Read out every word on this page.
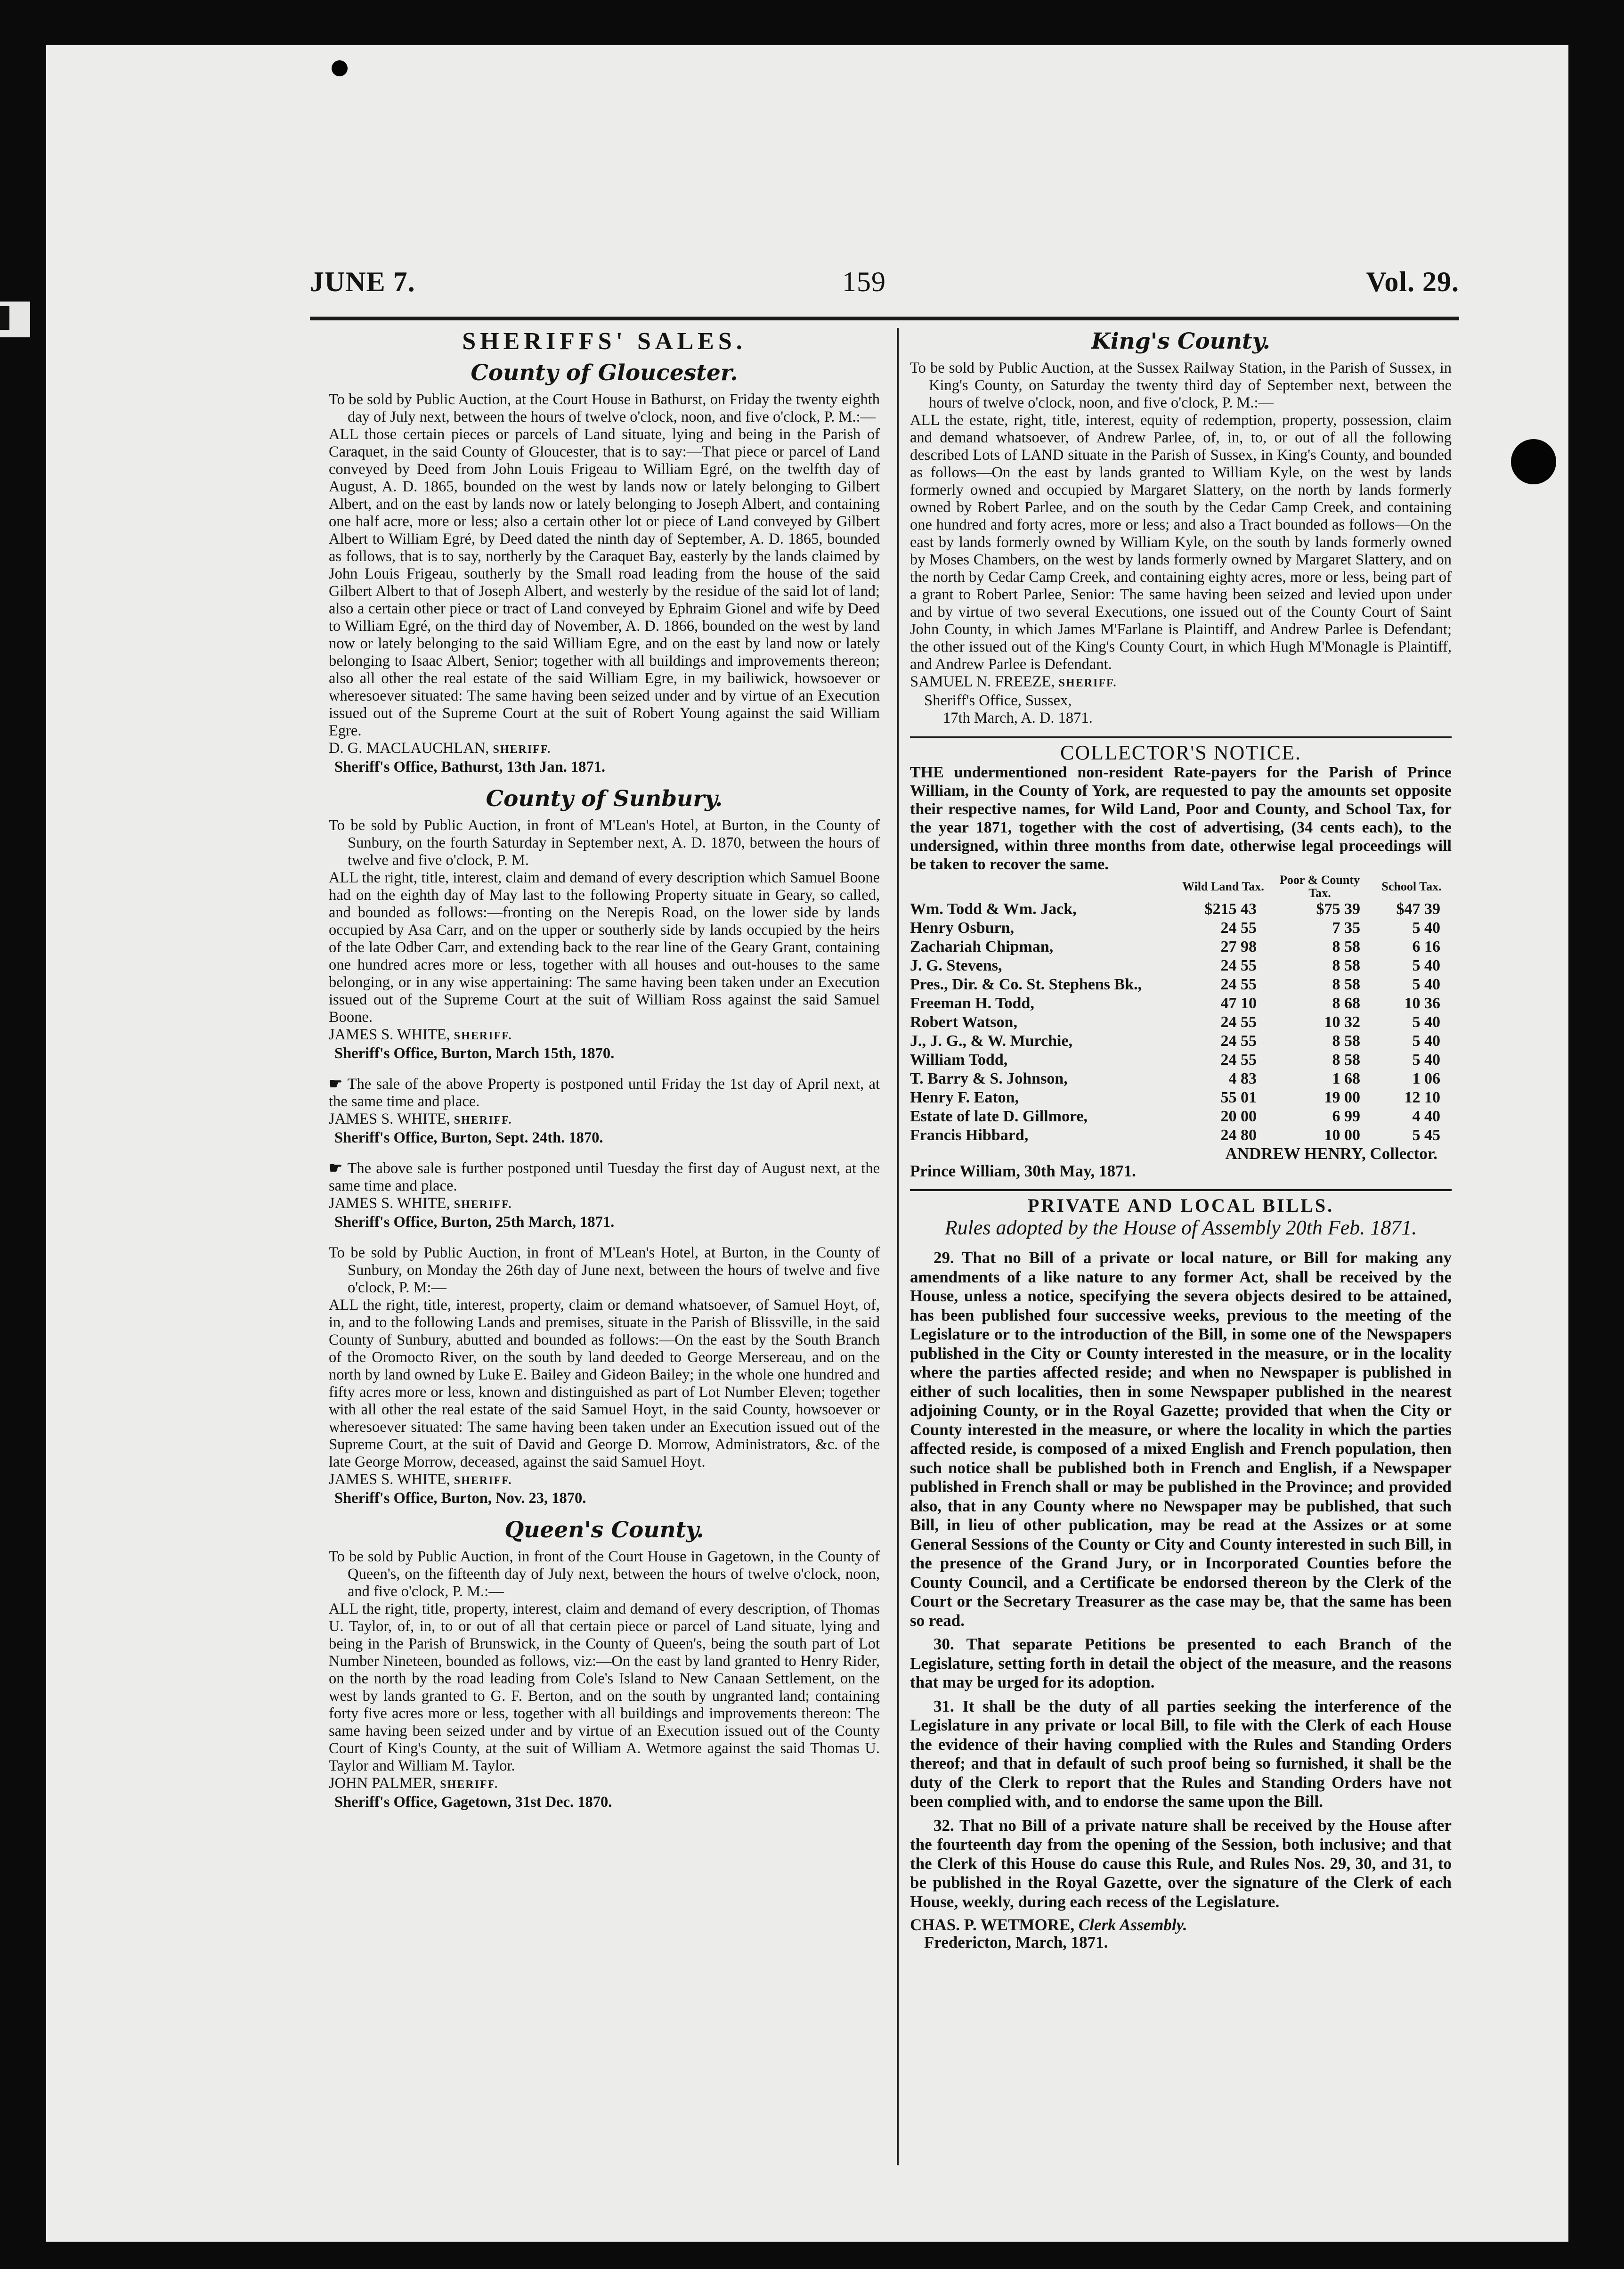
JUNE 7.	159	Vol. 29.
SHERIFFS' SALES.
County of Gloucester.

To be sold by Public Auction, at the Court House in Bathurst, on Friday the twenty eighth day of July next, between the hours of twelve o'clock, noon, and five o'clock, P. M.:—

ALL those certain pieces or parcels of Land situate, lying and being in the Parish of Caraquet, in the said County of Gloucester, that is to say:—That piece or parcel of Land conveyed by Deed from John Louis Frigeau to William Egré, on the twelfth day of August, A. D. 1865, bounded on the west by lands now or lately belonging to Gilbert Albert, and on the east by lands now or lately belonging to Joseph Albert, and containing one half acre, more or less; also a certain other lot or piece of Land conveyed by Gilbert Albert to William Egré, by Deed dated the ninth day of September, A. D. 1865, bounded as follows, that is to say, northerly by the Caraquet Bay, easterly by the lands claimed by John Louis Frigeau, southerly by the Small road leading from the house of the said Gilbert Albert to that of Joseph Albert, and westerly by the residue of the said lot of land; also a certain other piece or tract of Land conveyed by Ephraim Gionel and wife by Deed to William Egré, on the third day of November, A. D. 1866, bounded on the west by land now or lately belonging to the said William Egre, and on the east by land now or lately belonging to Isaac Albert, Senior; together with all buildings and improvements thereon; also all other the real estate of the said William Egre, in my bailiwick, howsoever or wheresoever situated: The same having been seized under and by virtue of an Execution issued out of the Supreme Court at the suit of Robert Young against the said William Egre.

D. G. MACLAUCHLAN, SHERIFF.

Sheriff's Office, Bathurst, 13th Jan. 1871.

County of Sunbury.

To be sold by Public Auction, in front of M'Lean's Hotel, at Burton, in the County of Sunbury, on the fourth Saturday in September next, A. D. 1870, between the hours of twelve and five o'clock, P. M.

ALL the right, title, interest, claim and demand of every description which Samuel Boone had on the eighth day of May last to the following Property situate in Geary, so called, and bounded as follows:—fronting on the Nerepis Road, on the lower side by lands occupied by Asa Carr, and on the upper or southerly side by lands occupied by the heirs of the late Odber Carr, and extending back to the rear line of the Geary Grant, containing one hundred acres more or less, together with all houses and out-houses to the same belonging, or in any wise appertaining: The same having been taken under an Execution issued out of the Supreme Court at the suit of William Ross against the said Samuel Boone.

JAMES S. WHITE, SHERIFF.

Sheriff's Office, Burton, March 15th, 1870.

☛ The sale of the above Property is postponed until Friday the 1st day of April next, at the same time and place.

JAMES S. WHITE, SHERIFF.

Sheriff's Office, Burton, Sept. 24th. 1870.

☛ The above sale is further postponed until Tuesday the first day of August next, at the same time and place.

JAMES S. WHITE, SHERIFF.

Sheriff's Office, Burton, 25th March, 1871.

To be sold by Public Auction, in front of M'Lean's Hotel, at Burton, in the County of Sunbury, on Monday the 26th day of June next, between the hours of twelve and five o'clock, P. M:—

ALL the right, title, interest, property, claim or demand whatsoever, of Samuel Hoyt, of, in, and to the following Lands and premises, situate in the Parish of Blissville, in the said County of Sunbury, abutted and bounded as follows:—On the east by the South Branch of the Oromocto River, on the south by land deeded to George Mersereau, and on the north by land owned by Luke E. Bailey and Gideon Bailey; in the whole one hundred and fifty acres more or less, known and distinguished as part of Lot Number Eleven; together with all other the real estate of the said Samuel Hoyt, in the said County, howsoever or wheresoever situated: The same having been taken under an Execution issued out of the Supreme Court, at the suit of David and George D. Morrow, Administrators, &c. of the late George Morrow, deceased, against the said Samuel Hoyt.

JAMES S. WHITE, SHERIFF.

Sheriff's Office, Burton, Nov. 23, 1870.

Queen's County.

To be sold by Public Auction, in front of the Court House in Gagetown, in the County of Queen's, on the fifteenth day of July next, between the hours of twelve o'clock, noon, and five o'clock, P. M.:—

ALL the right, title, property, interest, claim and demand of every description, of Thomas U. Taylor, of, in, to or out of all that certain piece or parcel of Land situate, lying and being in the Parish of Brunswick, in the County of Queen's, being the south part of Lot Number Nineteen, bounded as follows, viz:—On the east by land granted to Henry Rider, on the north by the road leading from Cole's Island to New Canaan Settlement, on the west by lands granted to G. F. Berton, and on the south by ungranted land; containing forty five acres more or less, together with all buildings and improvements thereon: The same having been seized under and by virtue of an Execution issued out of the County Court of King's County, at the suit of William A. Wetmore against the said Thomas U. Taylor and William M. Taylor.

JOHN PALMER, SHERIFF.

Sheriff's Office, Gagetown, 31st Dec. 1870.

King's County.

To be sold by Public Auction, at the Sussex Railway Station, in the Parish of Sussex, in King's County, on Saturday the twenty third day of September next, between the hours of twelve o'clock, noon, and five o'clock, P. M.:—

ALL the estate, right, title, interest, equity of redemption, property, possession, claim and demand whatsoever, of Andrew Parlee, of, in, to, or out of all the following described Lots of LAND situate in the Parish of Sussex, in King's County, and bounded as follows—On the east by lands granted to William Kyle, on the west by lands formerly owned and occupied by Margaret Slattery, on the north by lands formerly owned by Robert Parlee, and on the south by the Cedar Camp Creek, and containing one hundred and forty acres, more or less; and also a Tract bounded as follows—On the east by lands formerly owned by William Kyle, on the south by lands formerly owned by Moses Chambers, on the west by lands formerly owned by Margaret Slattery, and on the north by Cedar Camp Creek, and containing eighty acres, more or less, being part of a grant to Robert Parlee, Senior: The same having been seized and levied upon under and by virtue of two several Executions, one issued out of the County Court of Saint John County, in which James M'Farlane is Plaintiff, and Andrew Parlee is Defendant; the other issued out of the King's County Court, in which Hugh M'Monagle is Plaintiff, and Andrew Parlee is Defendant.

SAMUEL N. FREEZE, SHERIFF.

Sheriff's Office, Sussex,

17th March, A. D. 1871.

COLLECTOR'S NOTICE.

THE undermentioned non-resident Rate-payers for the Parish of Prince William, in the County of York, are requested to pay the amounts set opposite their respective names, for Wild Land, Poor and County, and School Tax, for the year 1871, together with the cost of advertising, (34 cents each), to the undersigned, within three months from date, otherwise legal proceedings will be taken to recover the same.

	Wild Land Tax.	Poor & County Tax.	School Tax.
Wm. Todd & Wm. Jack,	$215 43	$75 39	$47 39
Henry Osburn,	24 55	7 35	5 40
Zachariah Chipman,	27 98	8 58	6 16
J. G. Stevens,	24 55	8 58	5 40
Pres., Dir. & Co. St. Stephens Bk.,	24 55	8 58	5 40
Freeman H. Todd,	47 10	8 68	10 36
Robert Watson,	24 55	10 32	5 40
J., J. G., & W. Murchie,	24 55	8 58	5 40
William Todd,	24 55	8 58	5 40
T. Barry & S. Johnson,	4 83	1 68	1 06
Henry F. Eaton,	55 01	19 00	12 10
Estate of late D. Gillmore,	20 00	6 99	4 40
Francis Hibbard,	24 80	10 00	5 45

ANDREW HENRY, Collector.

Prince William, 30th May, 1871.

PRIVATE AND LOCAL BILLS.
Rules adopted by the House of Assembly 20th Feb. 1871.

29. That no Bill of a private or local nature, or Bill for making any amendments of a like nature to any former Act, shall be received by the House, unless a notice, specifying the severa objects desired to be attained, has been published four successive weeks, previous to the meeting of the Legislature or to the introduction of the Bill, in some one of the Newspapers published in the City or County interested in the measure, or in the locality where the parties affected reside; and when no Newspaper is published in either of such localities, then in some Newspaper published in the nearest adjoining County, or in the Royal Gazette; provided that when the City or County interested in the measure, or where the locality in which the parties affected reside, is composed of a mixed English and French population, then such notice shall be published both in French and English, if a Newspaper published in French shall or may be published in the Province; and provided also, that in any County where no Newspaper may be published, that such Bill, in lieu of other publication, may be read at the Assizes or at some General Sessions of the County or City and County interested in such Bill, in the presence of the Grand Jury, or in Incorporated Counties before the County Council, and a Certificate be endorsed thereon by the Clerk of the Court or the Secretary Treasurer as the case may be, that the same has been so read.

30. That separate Petitions be presented to each Branch of the Legislature, setting forth in detail the object of the measure, and the reasons that may be urged for its adoption.

31. It shall be the duty of all parties seeking the interference of the Legislature in any private or local Bill, to file with the Clerk of each House the evidence of their having complied with the Rules and Standing Orders thereof; and that in default of such proof being so furnished, it shall be the duty of the Clerk to report that the Rules and Standing Orders have not been complied with, and to endorse the same upon the Bill.

32. That no Bill of a private nature shall be received by the House after the fourteenth day from the opening of the Session, both inclusive; and that the Clerk of this House do cause this Rule, and Rules Nos. 29, 30, and 31, to be published in the Royal Gazette, over the signature of the Clerk of each House, weekly, during each recess of the Legislature.

CHAS. P. WETMORE, Clerk Assembly.

Fredericton, March, 1871.
